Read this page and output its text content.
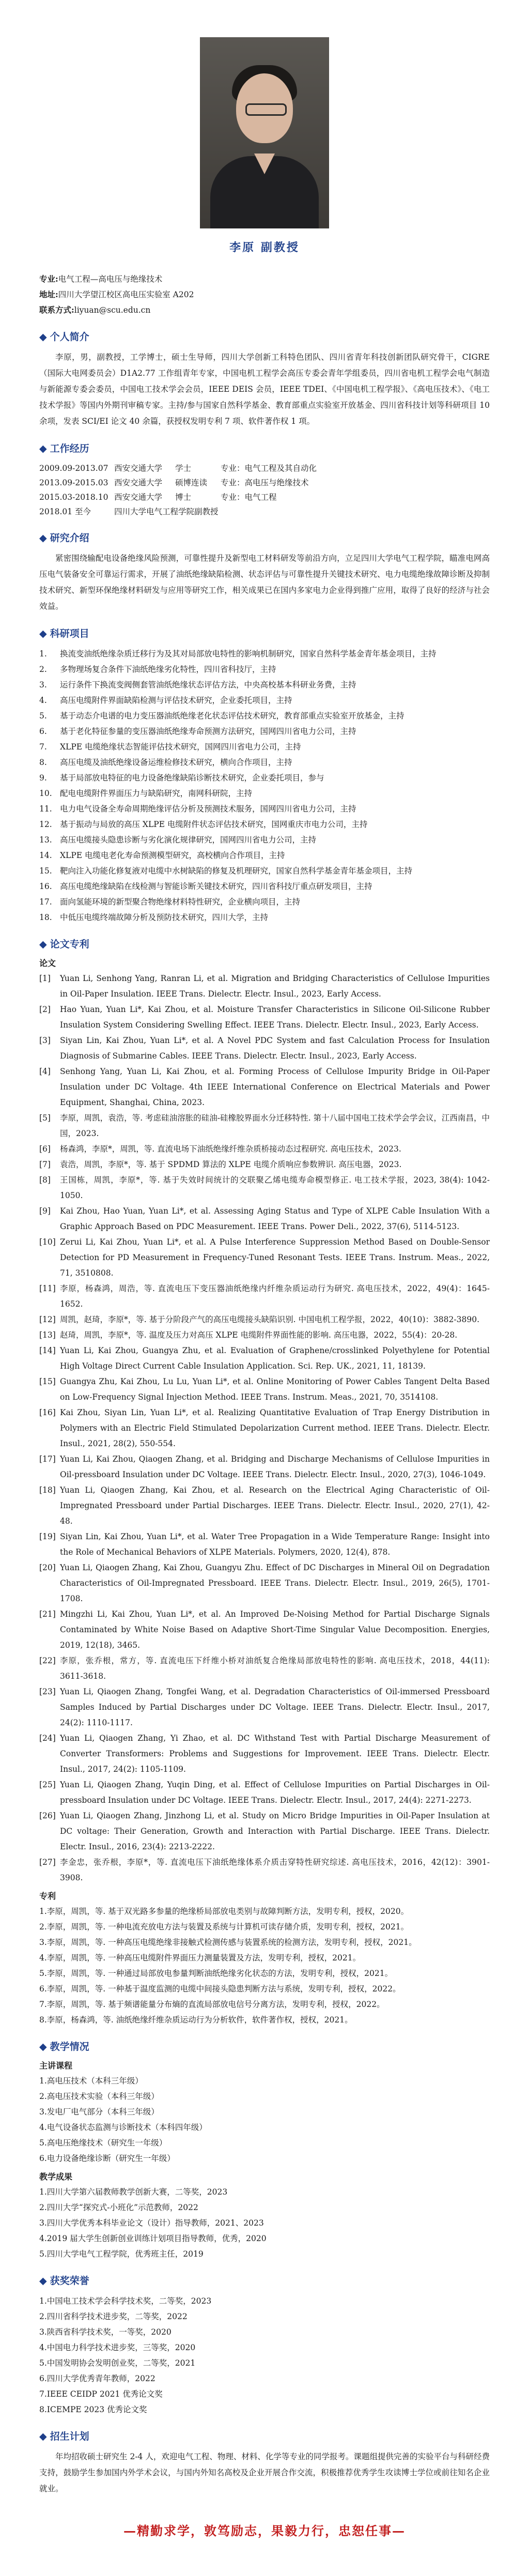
李原 副教授

专业:电气工程—高电压与绝缘技术

地址:四川大学望江校区高电压实验室 A202

联系方式:liyuan@scu.edu.cn

◆ 个人简介

李原，男，副教授，工学博士，硕士生导师，四川大学创新工科特色团队、四川省青年科技创新团队研究骨干，CIGRE（国际大电网委员会）D1A2.77 工作组青年专家，中国电机工程学会高压专委会青年学组委员，四川省电机工程学会电气制造与新能源专委会委员，中国电工技术学会会员，IEEE DEIS 会员，IEEE TDEI、《中国电机工程学报》、《高电压技术》、《电工技术学报》等国内外期刊审稿专家。主持/参与国家自然科学基金、教育部重点实验室开放基金、四川省科技计划等科研项目 10 余项，发表 SCI/EI 论文 40 余篇，获授权发明专利 7 项、软件著作权 1 项。

◆ 工作经历
2009.09-2013.07 西安交通大学	学士	专业：电气工程及其自动化
2013.09-2015.03 西安交通大学	硕博连读	专业：高电压与绝缘技术
2015.03-2018.10 西安交通大学	博士	专业：电气工程
2018.01 至今	四川大学电气工程学院副教授
◆ 研究介绍

紧密围绕输配电设备绝缘风险预测，可靠性提升及新型电工材料研发等前沿方向，立足四川大学电气工程学院，瞄准电网高压电气装备安全可靠运行需求，开展了油纸绝缘缺陷检测、状态评估与可靠性提升关键技术研究、电力电缆绝缘故障诊断及抑制技术研究、新型环保绝缘材料研发与应用等研究工作，相关成果已在国内多家电力企业得到推广应用，取得了良好的经济与社会效益。

◆ 科研项目
1.	换流变油纸绝缘杂质迁移行为及其对局部放电特性的影响机制研究，国家自然科学基金青年基金项目，主持
2.	多物理场复合条件下油纸绝缘劣化特性，四川省科技厅，主持
3.	运行条件下换流变阀侧套管油纸绝缘状态评估方法，中央高校基本科研业务费，主持
4.	高压电缆附件界面缺陷检测与评估技术研究，企业委托项目，主持
5.	基于动态介电谱的电力变压器油纸绝缘老化状态评估技术研究，教育部重点实验室开放基金，主持
6.	基于老化特征参量的变压器油纸绝缘寿命预测方法研究，国网四川省电力公司，主持
7.	XLPE 电缆绝缘状态智能评估技术研究，国网四川省电力公司，主持
8.	高压电缆及油纸绝缘设备运维检修技术研究，横向合作项目，主持
9.	基于局部放电特征的电力设备绝缘缺陷诊断技术研究，企业委托项目，参与
10. 配电电缆附件界面压力与缺陷研究，南网科研院，主持
11. 电力电气设备全寿命周期绝缘评估分析及预测技术服务，国网四川省电力公司，主持
12. 基于振动与局放的高压 XLPE 电缆附件状态评估技术研究，国网重庆市电力公司，主持
13. 高压电缆接头隐患诊断与劣化演化规律研究，国网四川省电力公司，主持
14. XLPE 电缆电老化寿命预测模型研究，高校横向合作项目，主持
15. 靶向注入功能化修复液对电缆中水树缺陷的修复及机理研究，国家自然科学基金青年基金项目，主持
16. 高压电缆绝缘缺陷在线检测与智能诊断关键技术研究，四川省科技厅重点研发项目，主持
17. 面向氢能环境的新型聚合物绝缘材料特性研究，企业横向项目，主持
18. 中低压电缆终端故障分析及预防技术研究，四川大学，主持
◆ 论文专利
论文
[1]	Yuan Li, Senhong Yang, Ranran Li, et al. Migration and Bridging Characteristics of Cellulose Impurities in Oil-Paper Insulation. IEEE Trans. Dielectr. Electr. Insul., 2023, Early Access.
[2]	Hao Yuan, Yuan Li*, Kai Zhou, et al. Moisture Transfer Characteristics in Silicone Oil-Silicone Rubber Insulation System Considering Swelling Effect. IEEE Trans. Dielectr. Electr. Insul., 2023, Early Access.
[3]	Siyan Lin, Kai Zhou, Yuan Li*, et al. A Novel PDC System and fast Calculation Process for Insulation Diagnosis of Submarine Cables. IEEE Trans. Dielectr. Electr. Insul., 2023, Early Access.
[4]	Senhong Yang, Yuan Li, Kai Zhou, et al. Forming Process of Cellulose Impurity Bridge in Oil-Paper Insulation under DC Voltage. 4th IEEE International Conference on Electrical Materials and Power Equipment, Shanghai, China, 2023.
[5]	李原，周凯，袁浩，等. 考虑硅油溶胀的硅油-硅橡胶界面水分迁移特性. 第十八届中国电工技术学会学会议，江西南昌，中国，2023.
[6]	杨森鸿，李原*，周凯，等. 直流电场下油纸绝缘纤维杂质桥接动态过程研究. 高电压技术，2023.
[7]	袁浩，周凯，李原*，等. 基于 SPDMD 算法的 XLPE 电缆介质响应参数辨识. 高压电器，2023.
[8]	王国栋，周凯，李原*，等. 基于失效时间统计的交联聚乙烯电缆寿命模型修正. 电工技术学报，2023, 38(4): 1042-1050.
[9]	Kai Zhou, Hao Yuan, Yuan Li*, et al. Assessing Aging Status and Type of XLPE Cable Insulation With a Graphic Approach Based on PDC Measurement. IEEE Trans. Power Deli., 2022, 37(6), 5114-5123.
[10] Zerui Li, Kai Zhou, Yuan Li*, et al. A Pulse Interference Suppression Method Based on Double-Sensor Detection for PD Measurement in Frequency-Tuned Resonant Tests. IEEE Trans. Instrum. Meas., 2022, 71, 3510808.
[11] 李原，杨森鸿，周浩，等. 直流电压下变压器油纸绝缘内纤维杂质运动行为研究. 高电压技术，2022，49(4)：1645-1652.
[12] 周凯，赵琦，李原*，等. 基于分阶段产气的高压电缆接头缺陷识别. 中国电机工程学报，2022，40(10)：3882-3890.
[13] 赵琦，周凯，李原*，等. 温度及压力对高压 XLPE 电缆附件界面性能的影响. 高压电器，2022，55(4)：20-28.
[14] Yuan Li, Kai Zhou, Guangya Zhu, et al. Evaluation of Graphene/crosslinked Polyethylene for Potential High Voltage Direct Current Cable Insulation Application. Sci. Rep. UK., 2021, 11, 18139.
[15] Guangya Zhu, Kai Zhou, Lu Lu, Yuan Li*, et al. Online Monitoring of Power Cables Tangent Delta Based on Low-Frequency Signal Injection Method. IEEE Trans. Instrum. Meas., 2021, 70, 3514108.
[16] Kai Zhou, Siyan Lin, Yuan Li*, et al. Realizing Quantitative Evaluation of Trap Energy Distribution in Polymers with an Electric Field Stimulated Depolarization Current method. IEEE Trans. Dielectr. Electr. Insul., 2021, 28(2), 550-554.
[17] Yuan Li, Kai Zhou, Qiaogen Zhang, et al. Bridging and Discharge Mechanisms of Cellulose Impurities in Oil-pressboard Insulation under DC Voltage. IEEE Trans. Dielectr. Electr. Insul., 2020, 27(3), 1046-1049.
[18] Yuan Li, Qiaogen Zhang, Kai Zhou, et al. Research on the Electrical Aging Characteristic of Oil-Impregnated Pressboard under Partial Discharges. IEEE Trans. Dielectr. Electr. Insul., 2020, 27(1), 42-48.
[19] Siyan Lin, Kai Zhou, Yuan Li*, et al. Water Tree Propagation in a Wide Temperature Range: Insight into the Role of Mechanical Behaviors of XLPE Materials. Polymers, 2020, 12(4), 878.
[20] Yuan Li, Qiaogen Zhang, Kai Zhou, Guangyu Zhu. Effect of DC Discharges in Mineral Oil on Degradation Characteristics of Oil-Impregnated Pressboard. IEEE Trans. Dielectr. Electr. Insul., 2019, 26(5), 1701-1708.
[21] Mingzhi Li, Kai Zhou, Yuan Li*, et al. An Improved De-Noising Method for Partial Discharge Signals Contaminated by White Noise Based on Adaptive Short-Time Singular Value Decomposition. Energies, 2019, 12(18), 3465.
[22] 李原，张乔根，常方，等. 直流电压下纤维小桥对油纸复合绝缘局部放电特性的影响. 高电压技术，2018，44(11): 3611-3618.
[23] Yuan Li, Qiaogen Zhang, Tongfei Wang, et al. Degradation Characteristics of Oil-immersed Pressboard Samples Induced by Partial Discharges under DC Voltage. IEEE Trans. Dielectr. Electr. Insul., 2017, 24(2): 1110-1117.
[24] Yuan Li, Qiaogen Zhang, Yi Zhao, et al. DC Withstand Test with Partial Discharge Measurement of Converter Transformers: Problems and Suggestions for Improvement. IEEE Trans. Dielectr. Electr. Insul., 2017, 24(2): 1105-1109.
[25] Yuan Li, Qiaogen Zhang, Yuqin Ding, et al. Effect of Cellulose Impurities on Partial Discharges in Oil-pressboard Insulation under DC Voltage. IEEE Trans. Dielectr. Electr. Insul., 2017, 24(4): 2271-2273.
[26] Yuan Li, Qiaogen Zhang, Jinzhong Li, et al. Study on Micro Bridge Impurities in Oil-Paper Insulation at DC voltage: Their Generation, Growth and Interaction with Partial Discharge. IEEE Trans. Dielectr. Electr. Insul., 2016, 23(4): 2213-2222.
[27] 李金忠，张乔根，李原*，等. 直流电压下油纸绝缘体系介质击穿特性研究综述. 高电压技术，2016，42(12)：3901-3908.
专利
1.李原，周凯，等. 基于双光路多参量的绝缘桥局部放电类别与故障判断方法，发明专利，授权，2020。
2.李原，周凯，等. 一种电流充放电方法与装置及系统与计算机可读存储介质，发明专利，授权，2021。
3.李原，周凯，等. 一种高压电缆绝缘非接触式检测传感与装置系统的检测方法，发明专利，授权，2021。
4.李原，周凯，等. 一种高压电缆附件界面压力测量装置及方法，发明专利，授权，2021。
5.李原，周凯，等. 一种通过局部放电参量判断油纸绝缘劣化状态的方法，发明专利，授权，2021。
6.李原，周凯，等. 一种基于温度监测的电缆中间接头隐患判断方法与系统，发明专利，授权，2022。
7.李原，周凯，等. 基于频谱能量分布熵的直流局部放电信号分离方法，发明专利，授权，2022。
8.李原，杨森鸿，等. 油纸绝缘纤维杂质运动行为分析软件，软件著作权，授权，2021。
◆ 教学情况
主讲课程
1.高电压技术（本科三年级）
2.高电压技术实验（本科三年级）
3.发电厂电气部分（本科三年级）
4.电气设备状态监测与诊断技术（本科四年级）
5.高电压绝缘技术（研究生一年级）
6.电力设备绝缘诊断（研究生一年级）
教学成果
1.四川大学第六届教师教学创新大赛，二等奖，2023
2.四川大学“探究式-小班化”示范教师，2022
3.四川大学优秀本科毕业论文（设计）指导教师，2021、2023
4.2019 届大学生创新创业训练计划项目指导教师，优秀，2020
5.四川大学电气工程学院，优秀班主任，2019
◆ 获奖荣誉
1.中国电工技术学会科学技术奖，二等奖，2023
2.四川省科学技术进步奖，二等奖，2022
3.陕西省科学技术奖，一等奖，2020
4.中国电力科学技术进步奖，三等奖，2020
5.中国发明协会发明创业奖，二等奖，2021
6.四川大学优秀青年教师，2022
7.IEEE CEIDP 2021 优秀论文奖
8.ICEMPE 2023 优秀论文奖
◆ 招生计划

年均招收硕士研究生 2-4 人，欢迎电气工程、物理、材料、化学等专业的同学报考。课题组提供完善的实验平台与科研经费支持，鼓励学生参加国内外学术会议，与国内外知名高校及企业开展合作交流，积极推荐优秀学生攻读博士学位或前往知名企业就业。

—精勤求学，敦笃励志，果毅力行，忠恕任事—
